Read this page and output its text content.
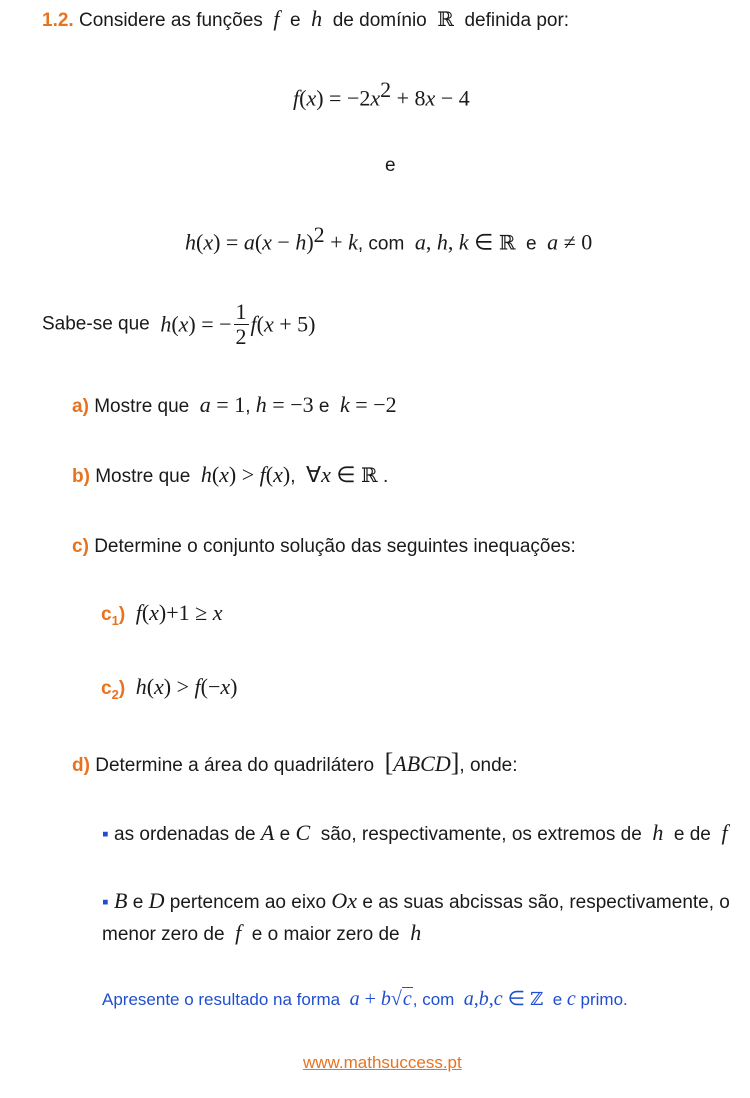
1.2. Considere as funções f e h de domínio ℝ definida por:
$f(x) = -2x^2 + 8x - 4$
e
$h(x) = a(x - h)^2 + k$, com a, h, k ∈ ℝ e a ≠ 0
Sabe-se que h(x) = − $\frac{1}{2} f(x + 5)$
a) Mostre que a = 1, h = −3 e k = −2
b) Mostre que h(x) > f(x),  ∀x ∈ ℝ .
c) Determine o conjunto solução das seguintes inequações:
$c_1$) f(x)+1 ≥ x
$c_2$) h(x) > f(−x)
d) Determine a área do quadrilátero [ABCD], onde:
▪ as ordenadas de A e C são, respectivamente, os extremos de h e de f
▪ B e D pertencem ao eixo Ox e as suas abcissas são, respectivamente, o
menor zero de f e o maior zero de h
Apresente o resultado na forma a + b√c, com a,b,c ∈ ℤ e c primo.
www.mathsuccess.pt
